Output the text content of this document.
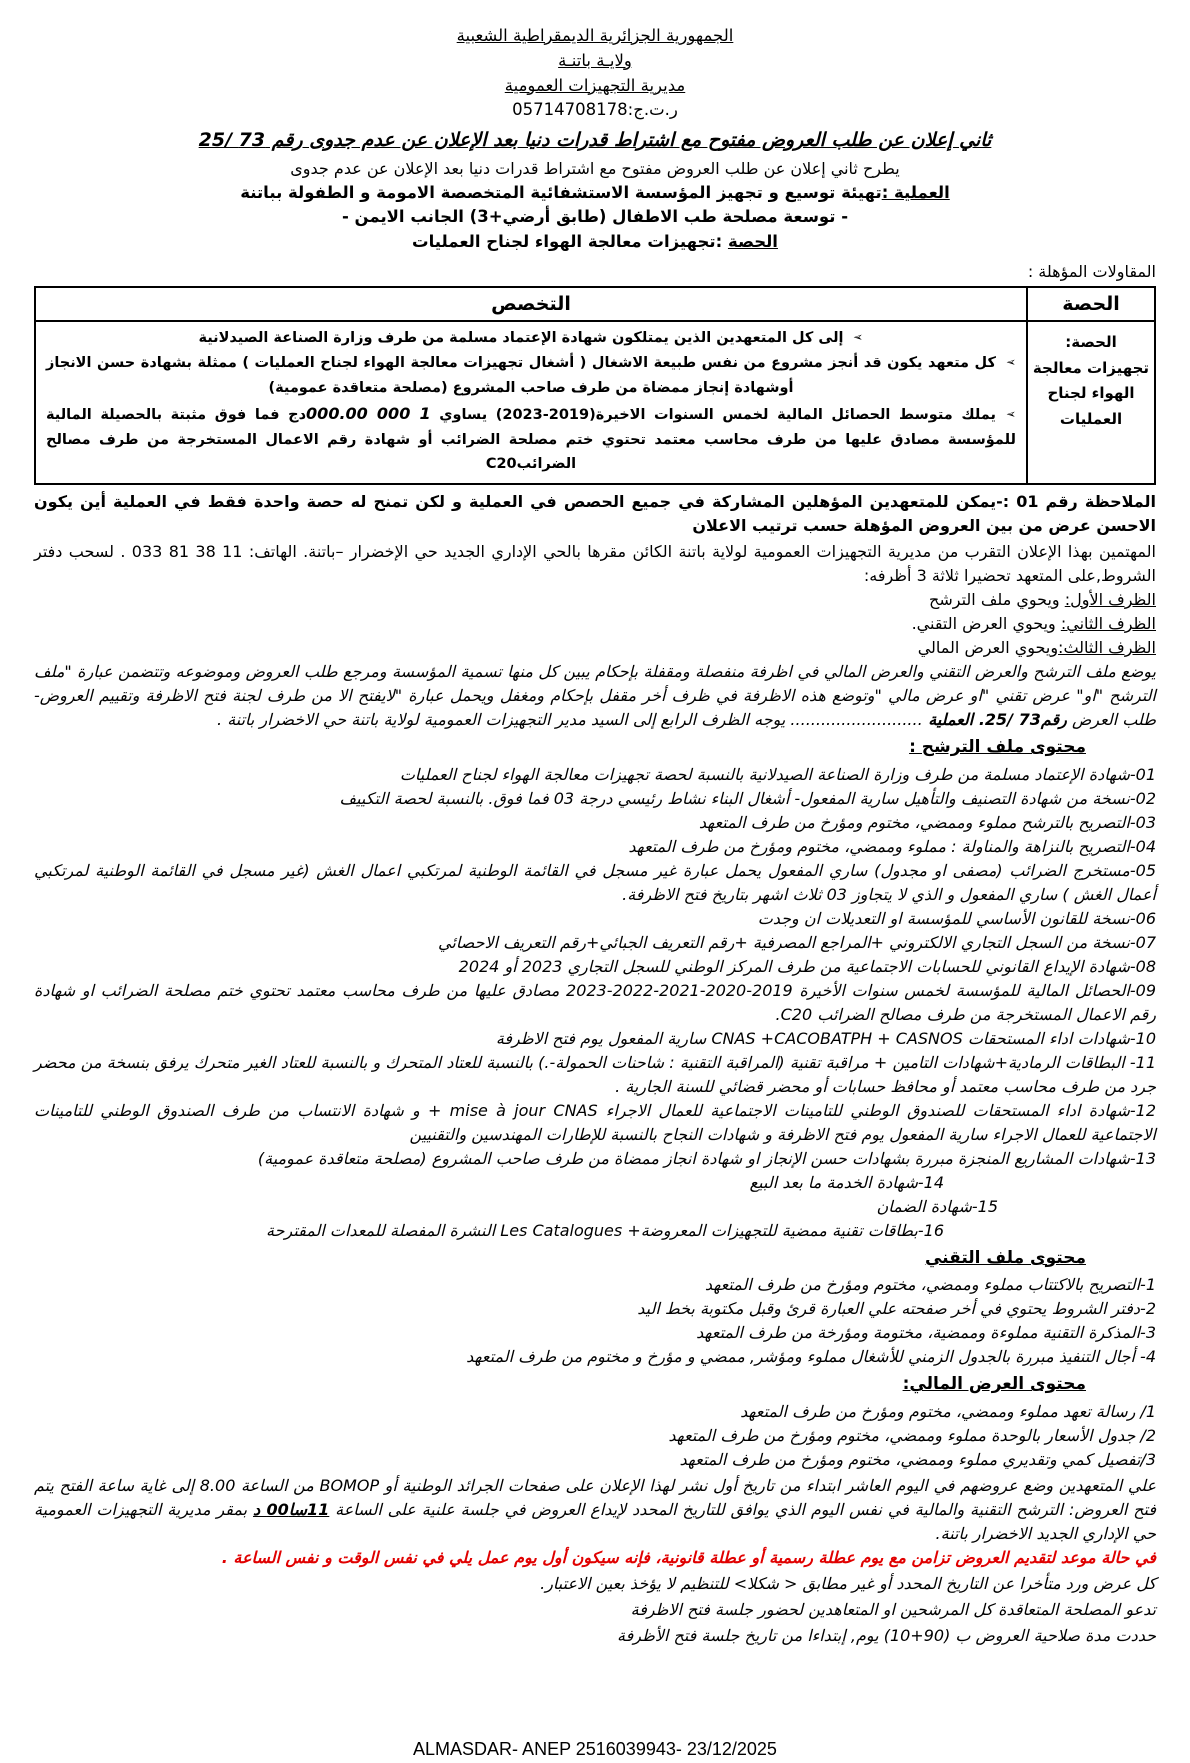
الجمهورية الجزائرية الديمقراطية الشعبية
ولايـة باتنـة
مديرية التجهيزات العمومية
ر.ت.ج:05714708178
ثاني إعلان عن طلب العروض مفتوح مع اشتراط قدرات دنيا بعد الإعلان عن عدم جدوى رقم 73 /25
يطرح ثاني إعلان عن طلب العروض مفتوح مع اشتراط قدرات دنيا بعد الإعلان عن عدم جدوى
العملية :تهيئة توسيع و تجهيز المؤسسة الاستشفائية المتخصصة الامومة و الطفولة بباتنة
- توسعة مصلحة طب الاطفال (طابق أرضي+3) الجانب الايمن -
الحصة :تجهيزات معالجة الهواء لجناح العمليات
المقاولات المؤهلة :
الحصة	التخصص
الحصة: تجهيزات معالجة الهواء لجناح العمليات	➢إلى كل المتعهدين الذين يمتلكون شهادة الإعتماد مسلمة من طرف وزارة الصناعة الصيدلانية
➢كل متعهد يكون قد أنجز مشروع من نفس طبيعة الاشغال ( أشغال تجهيزات معالجة الهواء لجناح العمليات ) ممثلة بشهادة حسن الانجاز أوشهادة إنجاز ممضاة من طرف صاحب المشروع (مصلحة متعاقدة عمومية)
➢يملك متوسط الحصائل المالية لخمس السنوات الاخيرة(2019-2023) يساوي 1 000 000.00دج فما فوق مثبتة بالحصيلة المالية للمؤسسة مصادق عليها من طرف محاسب معتمد تحتوي ختم مصلحة الضرائب أو شهادة رقم الاعمال المستخرجة من طرف مصالح الضرائبC20

الملاحظة رقم 01 :-يمكن للمتعهدين المؤهلين المشاركة في جميع الحصص في العملية و لكن تمنح له حصة واحدة فقط في العملية أين يكون الاحسن عرض من بين العروض المؤهلة حسب ترتيب الاعلان

المهتمين بهذا الإعلان التقرب من مديرية التجهيزات العمومية لولاية باتنة الكائن مقرها بالحي الإداري الجديد حي الإخضرار –باتنة. الهاتف: 11 38 81 033 . لسحب دفتر الشروط,على المتعهد تحضيرا ثلاثة 3 أظرفه:

الظرف الأول: ويحوي ملف الترشح
الظرف الثاني: ويحوي العرض التقني.
الظرف الثالث:ويحوي العرض المالي

يوضع ملف الترشح والعرض التقني والعرض المالي في اظرفة منفصلة ومقفلة بإحكام يبين كل منها تسمية المؤسسة ومرجع طلب العروض وموضوعه وتتضمن عبارة "ملف الترشح "او" عرض تقني "او عرض مالي "وتوضع هذه الاظرفة في ظرف أخر مقفل بإحكام ومغفل ويحمل عبارة "لايفتح الا من طرف لجنة فتح الاظرفة وتقييم العروض-طلب العرض رقم73 /25. العملية .......................... يوجه الظرف الرابع إلى السيد مدير التجهيزات العمومية لولاية باتنة حي الاخضرار باتنة .

محتوى ملف الترشح :
01-شهادة الإعتماد مسلمة من طرف وزارة الصناعة الصيدلانية بالنسبة لحصة تجهيزات معالجة الهواء لجناح العمليات
02-نسخة من شهادة التصنيف والتأهيل سارية المفعول- أشغال البناء نشاط رئيسي درجة 03 فما فوق. بالنسبة لحصة التكييف
03-التصريح بالترشح مملوء وممضي، مختوم ومؤرخ من طرف المتعهد
04-التصريح بالنزاهة والمناولة : مملوء وممضي، مختوم ومؤرخ من طرف المتعهد
05-مستخرج الضرائب (مصفى او مجدول) ساري المفعول يحمل عبارة غير مسجل في القائمة الوطنية لمرتكبي اعمال الغش (غير مسجل في القائمة الوطنية لمرتكبي أعمال الغش ) ساري المفعول و الذي لا يتجاوز 03 ثلاث اشهر بتاريخ فتح الاظرفة.
06-نسخة للقانون الأساسي للمؤسسة او التعديلات ان وجدت
07-نسخة من السجل التجاري الالكتروني +المراجع المصرفية +رقم التعريف الجبائي+رقم التعريف الاحصائي
08-شهادة الإيداع القانوني للحسابات الاجتماعية من طرف المركز الوطني للسجل التجاري 2023 أو 2024
09-الحصائل المالية للمؤسسة لخمس سنوات الأخيرة 2019-2020-2021-2022-2023 مصادق عليها من طرف محاسب معتمد تحتوي ختم مصلحة الضرائب او شهادة رقم الاعمال المستخرجة من طرف مصالح الضرائب C20.
10-شهادات اداء المستحقات CNAS +CACOBATPH + CASNOS سارية المفعول يوم فتح الاظرفة
11- البطاقات الرمادية+شهادات التامين + مراقبة تقنية (المراقبة التقنية : شاحنات الحمولة-.) بالنسبة للعتاد المتحرك و بالنسبة للعتاد الغير متحرك يرفق بنسخة من محضر جرد من طرف محاسب معتمد أو محافظ حسابات أو محضر قضائي للسنة الجارية .
12-شهادة اداء المستحقات للصندوق الوطني للتامينات الاجتماعية للعمال الاجراء mise à jour CNAS + و شهادة الانتساب من طرف الصندوق الوطني للتامينات الاجتماعية للعمال الاجراء سارية المفعول يوم فتح الاظرفة و شهادات النجاح بالنسبة للإطارات المهندسين والتقنيين
13-شهادات المشاريع المنجزة مبررة بشهادات حسن الإنجاز او شهادة انجاز ممضاة من طرف صاحب المشروع (مصلحة متعاقدة عمومية)
14-شهادة الخدمة ما بعد البيع
15-شهادة الضمان
16-بطاقات تقنية ممضية للتجهيزات المعروضة+ Les Catalogues النشرة المفصلة للمعدات المقترحة
محتوى ملف التقني
1-التصريح بالاكتتاب مملوء وممضي، مختوم ومؤرخ من طرف المتعهد
2-دفتر الشروط يحتوي في أخر صفحته علي العبارة قرئ وقبل مكتوبة بخط اليد
3-المذكرة التقنية مملوءة وممضية، مختومة ومؤرخة من طرف المتعهد
4- أجال التنفيذ مبررة بالجدول الزمني للأشغال مملوء ومؤشر, ممضي و مؤرخ و مختوم من طرف المتعهد
محتوى العرض المالي:
1/ رسالة تعهد مملوء وممضي، مختوم ومؤرخ من طرف المتعهد
2/ جدول الأسعار بالوحدة مملوء وممضي، مختوم ومؤرخ من طرف المتعهد
3/تفصيل كمي وتقديري مملوء وممضي، مختوم ومؤرخ من طرف المتعهد

علي المتعهدين وضع عروضهم في اليوم العاشر ابتداء من تاريخ أول نشر لهذا الإعلان على صفحات الجرائد الوطنية أو BOMOP من الساعة 8.00 إلى غاية ساعة الفتح يتم فتح العروض: الترشح التقنية والمالية في نفس اليوم الذي يوافق للتاريخ المحدد لإيداع العروض في جلسة علنية على الساعة 11سا00 د بمقر مديرية التجهيزات العمومية حي الإداري الجديد الاخضرار باتنة.

في حالة موعد لتقديم العروض تزامن مع يوم عطلة رسمية أو عطلة قانونية، فإنه سيكون أول يوم عمل يلي في نفس الوقت و نفس الساعة .

كل عرض ورد متأخرا عن التاريخ المحدد أو غير مطابق < شكلا> للتنظيم لا يؤخذ بعين الاعتبار.

تدعو المصلحة المتعاقدة كل المرشحين او المتعاهدين لحضور جلسة فتح الاظرفة

حددت مدة صلاحية العروض ب (90+10) يوم, إبتداءا من تاريخ جلسة فتح الأظرفة

ALMASDAR- ANEP 2516039943- 23/12/2025
